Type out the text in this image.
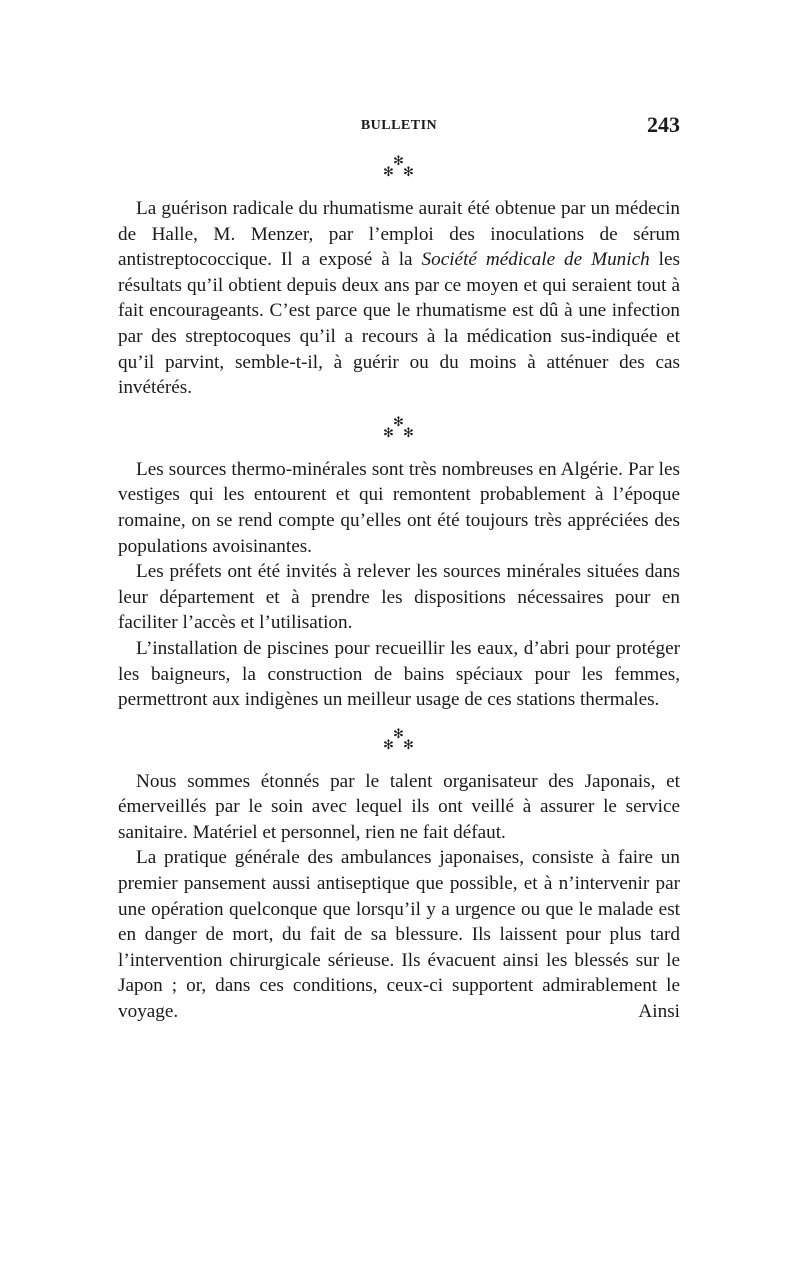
BULLETIN	243
✻
✻ ✻

La guérison radicale du rhumatisme aurait été obtenue par un médecin de Halle, M. Menzer, par l’emploi des inoculations de sérum antistreptococcique. Il a exposé à la Société médicale de Munich les résultats qu’il obtient depuis deux ans par ce moyen et qui seraient tout à fait encourageants. C’est parce que le rhumatisme est dû à une infection par des streptocoques qu’il a recours à la médication sus-indiquée et qu’il parvint, semble-t-il, à guérir ou du moins à atténuer des cas invétérés.

✻
✻ ✻

Les sources thermo-minérales sont très nombreuses en Algérie. Par les vestiges qui les entourent et qui remontent probablement à l’époque romaine, on se rend compte qu’elles ont été toujours très appréciées des populations avoisinantes.

Les préfets ont été invités à relever les sources minérales situées dans leur département et à prendre les dispositions nécessaires pour en faciliter l’accès et l’utilisation.

L’installation de piscines pour recueillir les eaux, d’abri pour protéger les baigneurs, la construction de bains spéciaux pour les femmes, permettront aux indigènes un meilleur usage de ces stations thermales.

✻
✻ ✻

Nous sommes étonnés par le talent organisateur des Japonais, et émerveillés par le soin avec lequel ils ont veillé à assurer le service sanitaire. Matériel et personnel, rien ne fait défaut.

La pratique générale des ambulances japonaises, consiste à faire un premier pansement aussi antiseptique que possible, et à n’intervenir par une opération quelconque que lorsqu’il y a urgence ou que le malade est en danger de mort, du fait de sa blessure. Ils laissent pour plus tard l’intervention chirurgicale sérieuse. Ils évacuent ainsi les blessés sur le Japon ; or, dans ces conditions, ceux-ci supportent admirablement le voyage. Ainsi
